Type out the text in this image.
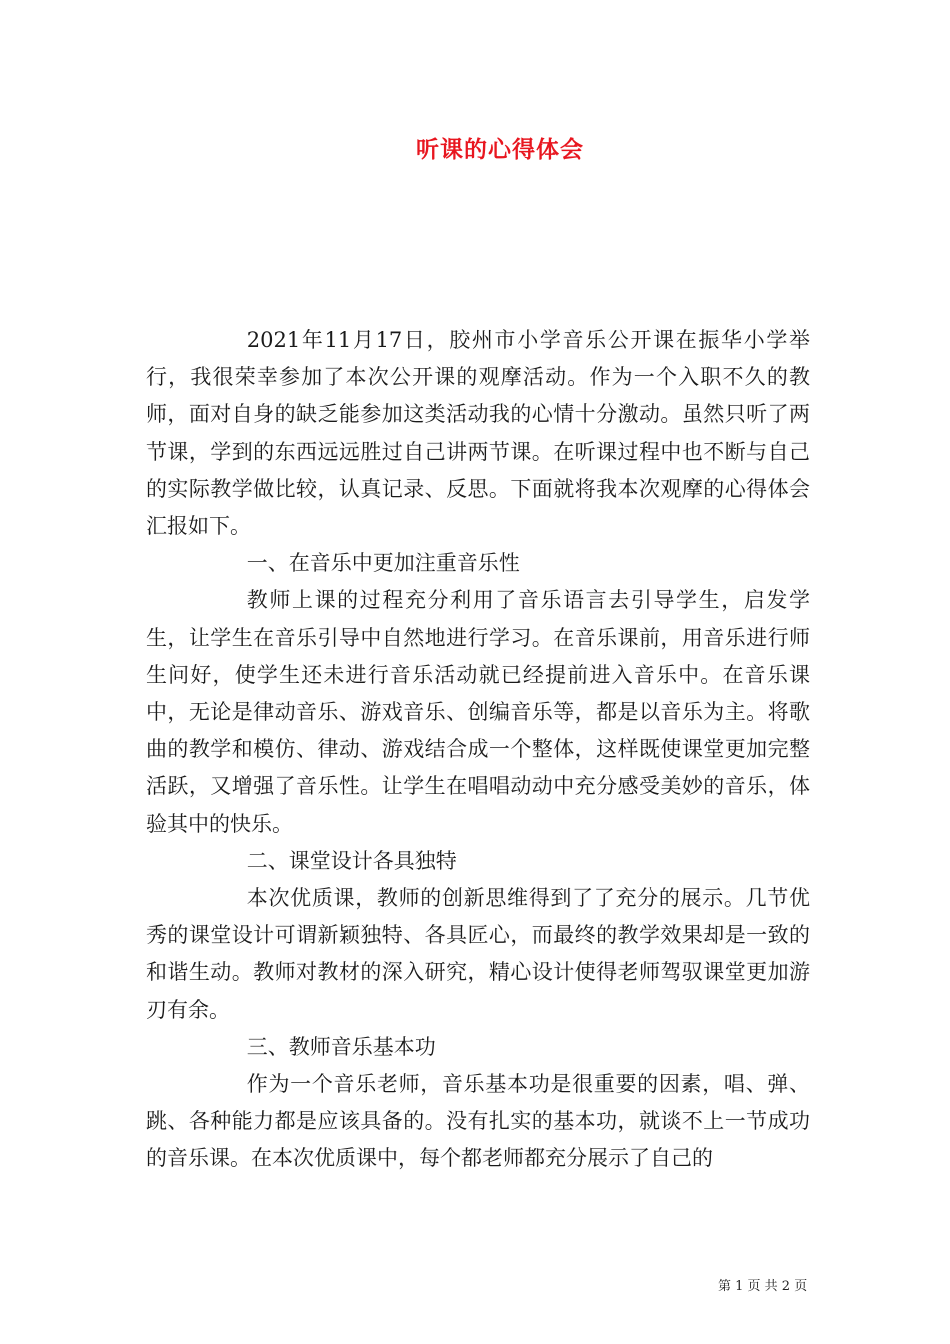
听课的心得体会

2021年11月17日，胶州市小学音乐公开课在振华小学举行，我很荣幸参加了本次公开课的观摩活动。作为一个入职不久的教师，面对自身的缺乏能参加这类活动我的心情十分激动。虽然只听了两节课，学到的东西远远胜过自己讲两节课。在听课过程中也不断与自己的实际教学做比较，认真记录、反思。下面就将我本次观摩的心得体会汇报如下。

一、在音乐中更加注重音乐性

教师上课的过程充分利用了音乐语言去引导学生，启发学生，让学生在音乐引导中自然地进行学习。在音乐课前，用音乐进行师生问好，使学生还未进行音乐活动就已经提前进入音乐中。在音乐课中，无论是律动音乐、游戏音乐、创编音乐等，都是以音乐为主。将歌曲的教学和模仿、律动、游戏结合成一个整体，这样既使课堂更加完整活跃，又增强了音乐性。让学生在唱唱动动中充分感受美妙的音乐，体验其中的快乐。

二、课堂设计各具独特

本次优质课，教师的创新思维得到了了充分的展示。几节优秀的课堂设计可谓新颖独特、各具匠心，而最终的教学效果却是一致的和谐生动。教师对教材的深入研究，精心设计使得老师驾驭课堂更加游刃有余。

三、教师音乐基本功

作为一个音乐老师，音乐基本功是很重要的因素，唱、弹、跳、各种能力都是应该具备的。没有扎实的基本功，就谈不上一节成功的音乐课。在本次优质课中，每个都老师都充分展示了自己的

第 1 页 共 2 页
